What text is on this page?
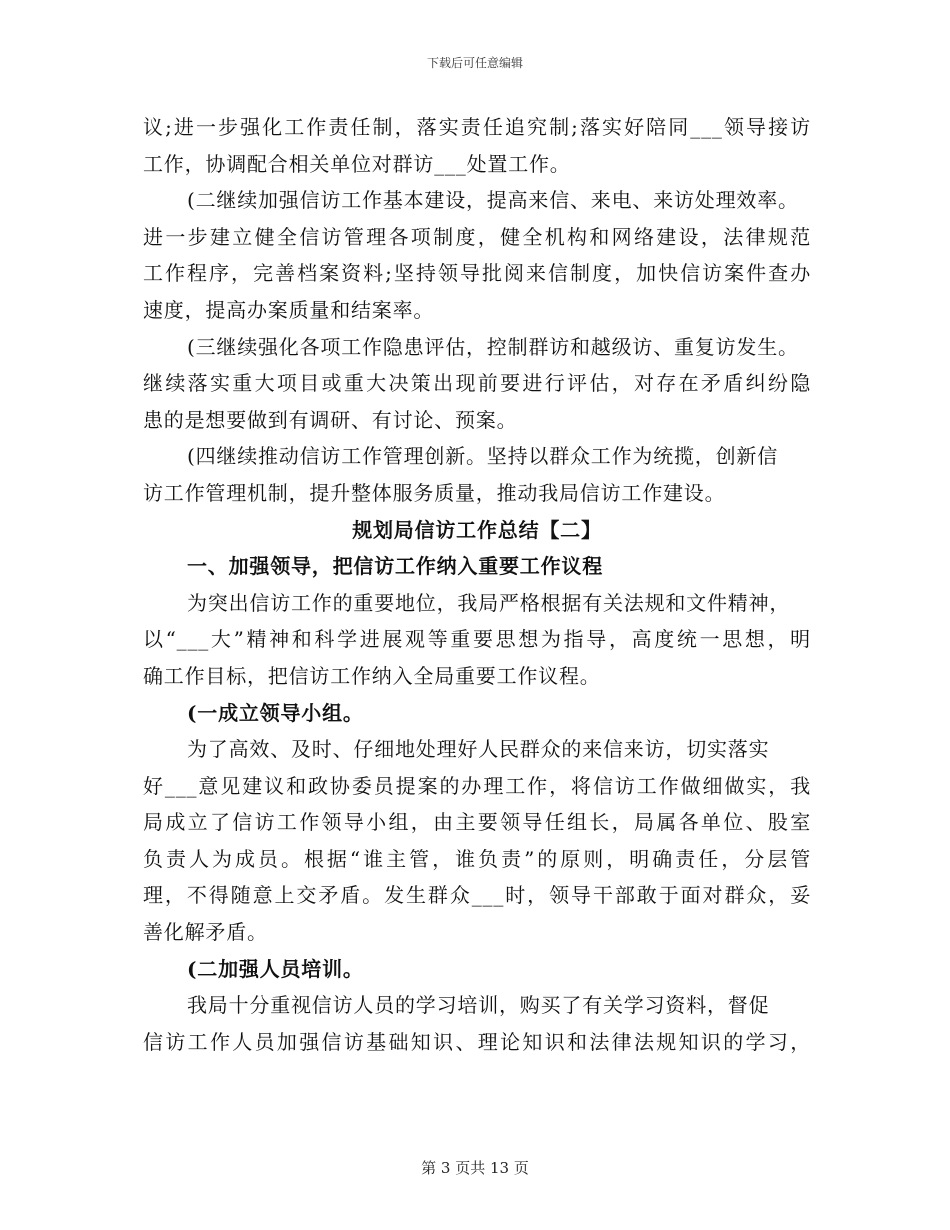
下载后可任意编辑
议;进一步强化工作责任制，落实责任追究制;落实好陪同___领导接访
工作，协调配合相关单位对群访___处置工作。
(二继续加强信访工作基本建设，提高来信、来电、来访处理效率。
进一步建立健全信访管理各项制度，健全机构和网络建设，法律规范
工作程序，完善档案资料;坚持领导批阅来信制度，加快信访案件查办
速度，提高办案质量和结案率。
(三继续强化各项工作隐患评估，控制群访和越级访、重复访发生。
继续落实重大项目或重大决策出现前要进行评估，对存在矛盾纠纷隐
患的是想要做到有调研、有讨论、预案。
(四继续推动信访工作管理创新。坚持以群众工作为统揽，创新信
访工作管理机制，提升整体服务质量，推动我局信访工作建设。
规划局信访工作总结【二】
一、加强领导，把信访工作纳入重要工作议程
为突出信访工作的重要地位，我局严格根据有关法规和文件精神，
以“___大”精神和科学进展观等重要思想为指导，高度统一思想，明
确工作目标，把信访工作纳入全局重要工作议程。
(一成立领导小组。
为了高效、及时、仔细地处理好人民群众的来信来访，切实落实
好___意见建议和政协委员提案的办理工作，将信访工作做细做实，我
局成立了信访工作领导小组，由主要领导任组长，局属各单位、股室
负责人为成员。根据“谁主管，谁负责”的原则，明确责任，分层管
理，不得随意上交矛盾。发生群众___时，领导干部敢于面对群众，妥
善化解矛盾。
(二加强人员培训。
我局十分重视信访人员的学习培训，购买了有关学习资料，督促
信访工作人员加强信访基础知识、理论知识和法律法规知识的学习，
第 3 页共 13 页
